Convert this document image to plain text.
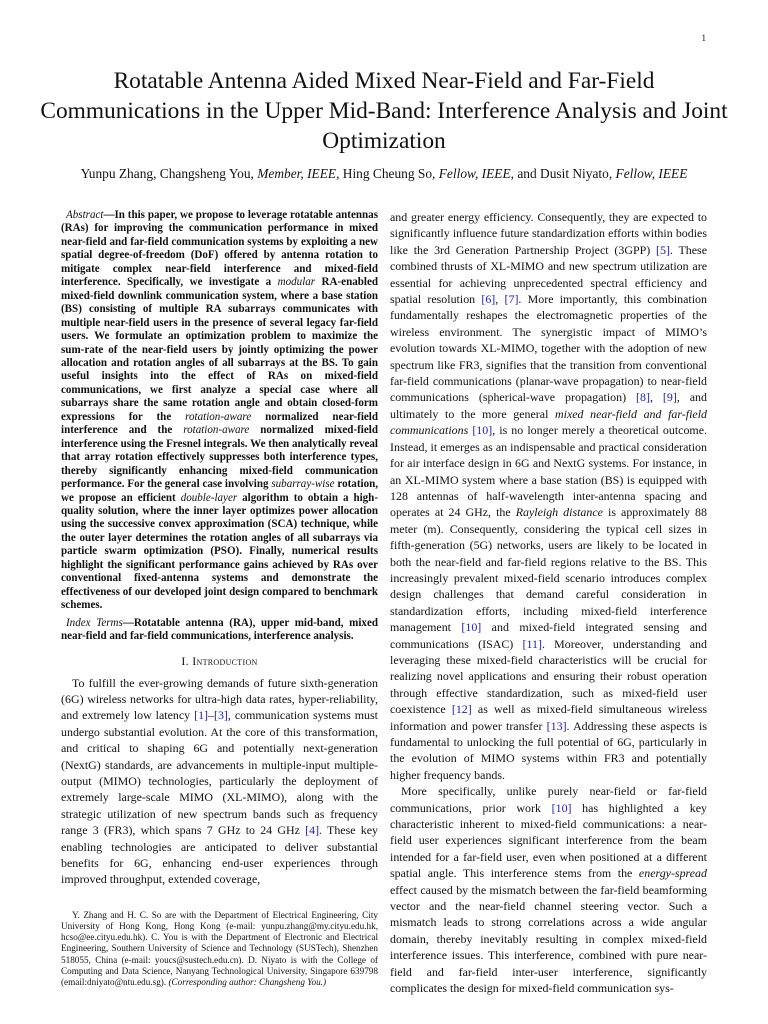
1
Rotatable Antenna Aided Mixed Near-Field and Far-Field Communications in the Upper Mid-Band: Interference Analysis and Joint Optimization
Yunpu Zhang, Changsheng You, Member, IEEE, Hing Cheung So, Fellow, IEEE, and Dusit Niyato, Fellow, IEEE

Abstract—In this paper, we propose to leverage rotatable antennas (RAs) for improving the communication performance in mixed near-field and far-field communication systems by exploiting a new spatial degree-of-freedom (DoF) offered by antenna rotation to mitigate complex near-field interference and mixed-field interference. Specifically, we investigate a modular RA-enabled mixed-field downlink communication system, where a base station (BS) consisting of multiple RA subarrays communicates with multiple near-field users in the presence of several legacy far-field users. We formulate an optimization problem to maximize the sum-rate of the near-field users by jointly optimizing the power allocation and rotation angles of all subarrays at the BS. To gain useful insights into the effect of RAs on mixed-field communications, we first analyze a special case where all subarrays share the same rotation angle and obtain closed-form expressions for the rotation-aware normalized near-field interference and the rotation-aware normalized mixed-field interference using the Fresnel integrals. We then analytically reveal that array rotation effectively suppresses both interference types, thereby significantly enhancing mixed-field communication performance. For the general case involving subarray-wise rotation, we propose an efficient double-layer algorithm to obtain a high-quality solution, where the inner layer optimizes power allocation using the successive convex approximation (SCA) technique, while the outer layer determines the rotation angles of all subarrays via particle swarm optimization (PSO). Finally, numerical results highlight the significant performance gains achieved by RAs over conventional fixed-antenna systems and demonstrate the effectiveness of our developed joint design compared to benchmark schemes.

Index Terms—Rotatable antenna (RA), upper mid-band, mixed near-field and far-field communications, interference analysis.

I. Introduction

To fulfill the ever-growing demands of future sixth-generation (6G) wireless networks for ultra-high data rates, hyper-reliability, and extremely low latency [1]–[3], communication systems must undergo substantial evolution. At the core of this transformation, and critical to shaping 6G and potentially next-generation (NextG) standards, are advancements in multiple-input multiple-output (MIMO) technologies, particularly the deployment of extremely large-scale MIMO (XL-MIMO), along with the strategic utilization of new spectrum bands such as frequency range 3 (FR3), which spans 7 GHz to 24 GHz [4]. These key enabling technologies are anticipated to deliver substantial benefits for 6G, enhancing end-user experiences through improved throughput, extended coverage,

Y. Zhang and H. C. So are with the Department of Electrical Engineering, City University of Hong Kong, Hong Kong (e-mail: yunpu.zhang@my.cityu.edu.hk, hcso@ee.cityu.edu.hk). C. You is with the Department of Electronic and Electrical Engineering, Southern University of Science and Technology (SUSTech), Shenzhen 518055, China (e-mail: youcs@sustech.edu.cn). D. Niyato is with the College of Computing and Data Science, Nanyang Technological University, Singapore 639798 (email:dniyato@ntu.edu.sg). (Corresponding author: Changsheng You.)

and greater energy efficiency. Consequently, they are expected to significantly influence future standardization efforts within bodies like the 3rd Generation Partnership Project (3GPP) [5]. These combined thrusts of XL-MIMO and new spectrum utilization are essential for achieving unprecedented spectral efficiency and spatial resolution [6], [7]. More importantly, this combination fundamentally reshapes the electromagnetic properties of the wireless environment. The synergistic impact of MIMO’s evolution towards XL-MIMO, together with the adoption of new spectrum like FR3, signifies that the transition from conventional far-field communications (planar-wave propagation) to near-field communications (spherical-wave propagation) [8], [9], and ultimately to the more general mixed near-field and far-field communications [10], is no longer merely a theoretical outcome. Instead, it emerges as an indispensable and practical consideration for air interface design in 6G and NextG systems. For instance, in an XL-MIMO system where a base station (BS) is equipped with 128 antennas of half-wavelength inter-antenna spacing and operates at 24 GHz, the Rayleigh distance is approximately 88 meter (m). Consequently, considering the typical cell sizes in fifth-generation (5G) networks, users are likely to be located in both the near-field and far-field regions relative to the BS. This increasingly prevalent mixed-field scenario introduces complex design challenges that demand careful consideration in standardization efforts, including mixed-field interference management [10] and mixed-field integrated sensing and communications (ISAC) [11]. Moreover, understanding and leveraging these mixed-field characteristics will be crucial for realizing novel applications and ensuring their robust operation through effective standardization, such as mixed-field user coexistence [12] as well as mixed-field simultaneous wireless information and power transfer [13]. Addressing these aspects is fundamental to unlocking the full potential of 6G, particularly in the evolution of MIMO systems within FR3 and potentially higher frequency bands.

More specifically, unlike purely near-field or far-field communications, prior work [10] has highlighted a key characteristic inherent to mixed-field communications: a near-field user experiences significant interference from the beam intended for a far-field user, even when positioned at a different spatial angle. This interference stems from the energy-spread effect caused by the mismatch between the far-field beamforming vector and the near-field channel steering vector. Such a mismatch leads to strong correlations across a wide angular domain, thereby inevitably resulting in complex mixed-field interference issues. This interference, combined with pure near-field and far-field inter-user interference, significantly complicates the design for mixed-field communication sys-
